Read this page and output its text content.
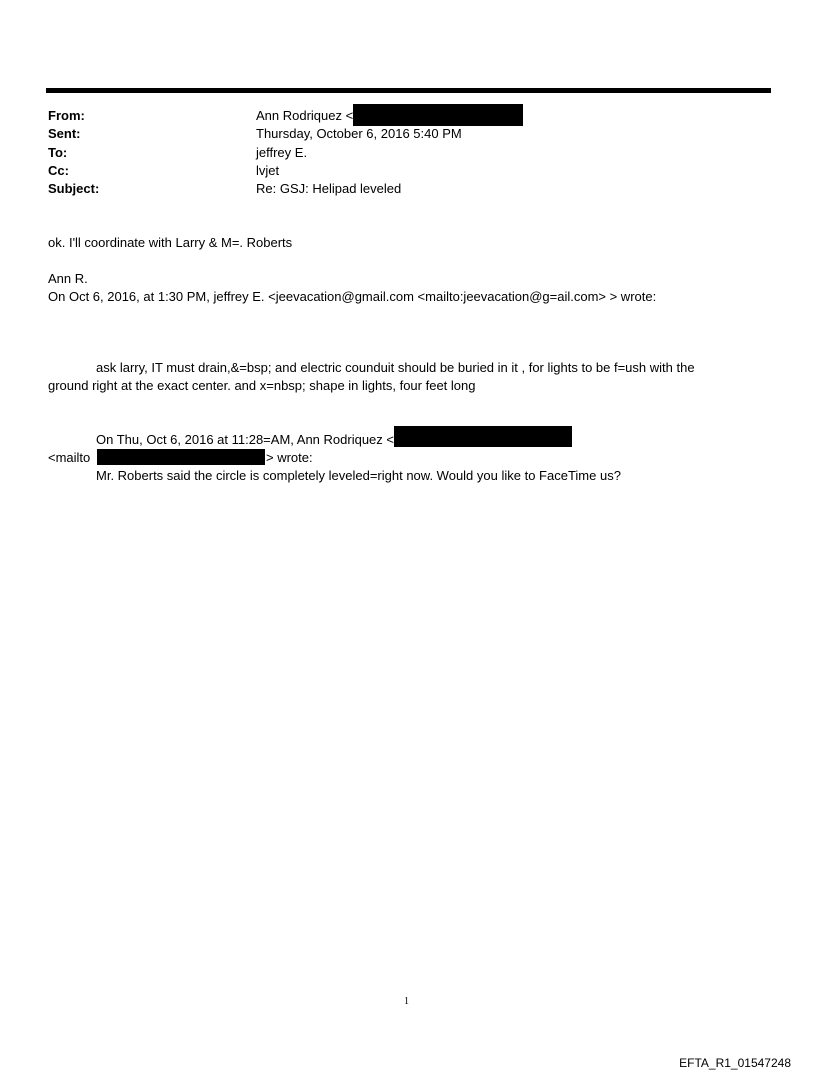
From:	Ann Rodriquez <
Sent:	Thursday, October 6, 2016 5:40 PM
To:	jeffrey E.
Cc:	lvjet
Subject:	Re: GSJ: Helipad leveled
ok. I'll coordinate with Larry & M=. Roberts
Ann R.
On Oct 6, 2016, at 1:30 PM, jeffrey E. <jeevacation@gmail.com <mailto:jeevacation@g=ail.com> > wrote:
ask larry, IT must drain,&=bsp; and electric counduit should be buried in it , for lights to be f=ush with the
ground right at the exact center. and x=nbsp; shape in lights, four feet long
On Thu, Oct 6, 2016 at 11:28=AM, Ann Rodriquez <
<mailto	> wrote:
Mr. Roberts said the circle is completely leveled=right now. Would you like to FaceTime us?
1
EFTA_R1_01547248
